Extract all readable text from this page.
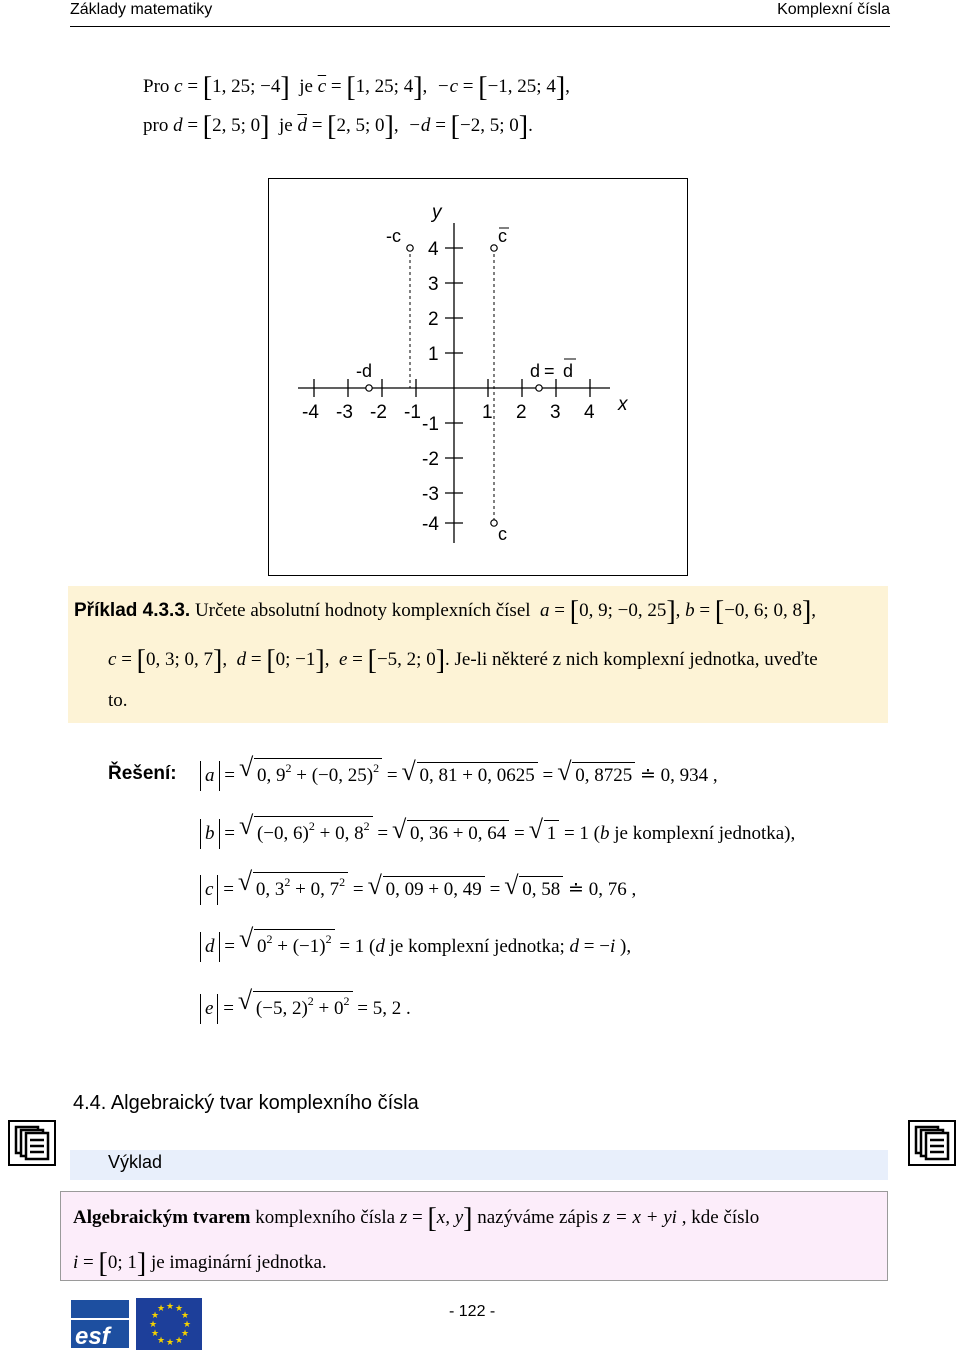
Základy matematiky	Komplexní čísla
Pro c = [1, 25; −4] je $\overline{c} = [1$, 25; 4],  −c = [−1, 25; 4],
pro d = [2, 5; 0] je $\overline{d} = [2$, 5; 0],  −d = [−2, 5; 0].
-4 -3 -2 -1	1 2 3 4 x
4
3
2
1
-1
-2
-3
-4
y
-c	c
c
-d	d = d
Příklad 4.3.3. Určete absolutní hodnoty komplexních čísel a = [0, 9; −0, 25], b = [−0, 6; 0, 8],
c = [0, 3; 0, 7],  d = [0; −1],  e = [−5, 2; 0]. Je-li některé z nich komplexní jednotka, uveďte
to.
Řešení: a =    √ 0, $9^2 + (-0$, 25)$^2$ =    √ 0, 81 + 0, 0625 =    √ 0, 8725 ≐ 0, 934 ,
b =    √ (−0, 6)$^2$ + 0, $8^2$ =    √ 0, 36 + 0, 64 =    √ 1 = 1 (b je komplexní jednotka),
c =    √ 0, $3^2 + 0$, $7^2$ =    √ 0, 09 + 0, 49 =    √ 0, 58 ≐ 0, 76 ,
d =    √ $0^2 + (-1)^2 = 1$ (d je komplexní jednotka; d = −i ),
e =    √ (−5, $2)^2 + 0^2 = 5$, 2 .
4.4. Algebraický tvar komplexního čísla
Výklad
Algebraickým tvarem komplexního čísla z = [x, y] nazýváme zápis z = x + yi , kde číslo
i = [0; 1] je imaginární jednotka.
- 122 -
esf
★ ★
★
★
★
★
★
★
★
★
★
★
EU
